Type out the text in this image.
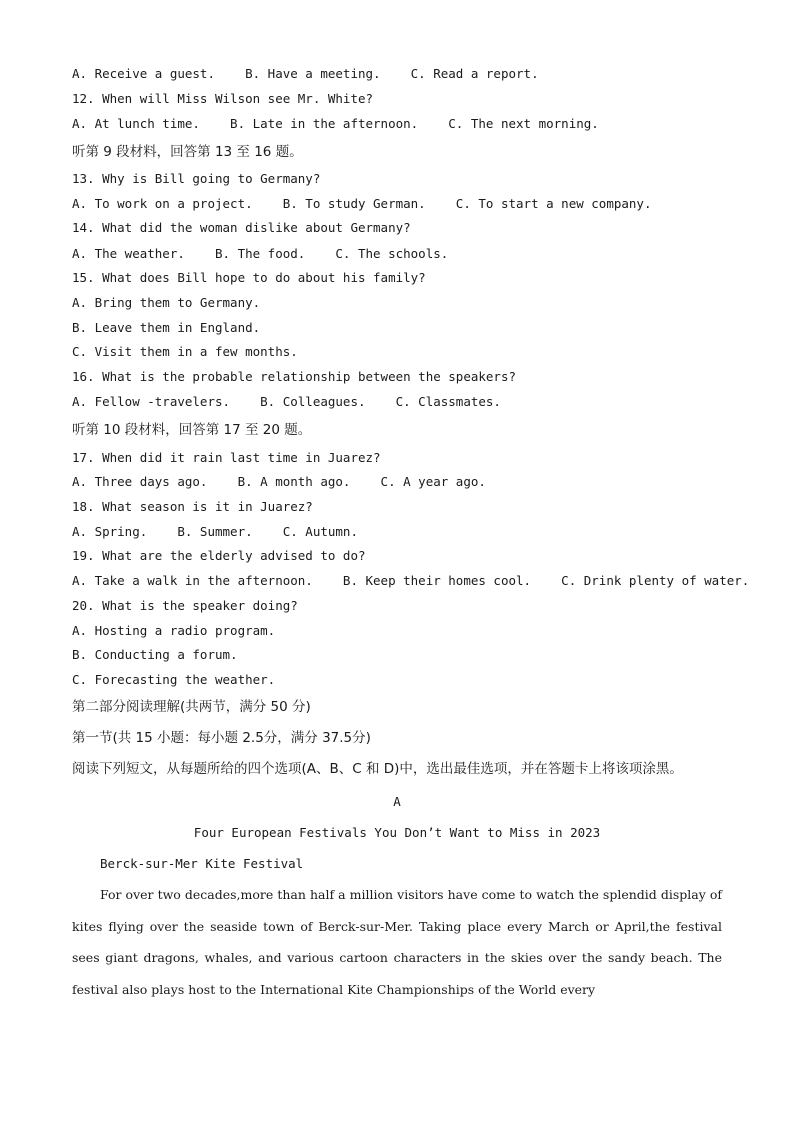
A. Receive a guest.    B. Have a meeting.    C. Read a report.
12. When will Miss Wilson see Mr. White?
A. At lunch time.    B. Late in the afternoon.    C. The next morning.
听第 9 段材料，回答第 13 至 16 题。
13. Why is Bill going to Germany?
A. To work on a project.    B. To study German.    C. To start a new company.
14. What did the woman dislike about Germany?
A. The weather.    B. The food.    C. The schools.
15. What does Bill hope to do about his family?
A. Bring them to Germany.
B. Leave them in England.
C. Visit them in a few months.
16. What is the probable relationship between the speakers?
A. Fellow -travelers.    B. Colleagues.    C. Classmates.
听第 10 段材料，回答第 17 至 20 题。
17. When did it rain last time in Juarez?
A. Three days ago.    B. A month ago.    C. A year ago.
18. What season is it in Juarez?
A. Spring.    B. Summer.    C. Autumn.
19. What are the elderly advised to do?
A. Take a walk in the afternoon.    B. Keep their homes cool.    C. Drink plenty of water.
20. What is the speaker doing?
A. Hosting a radio program.
B. Conducting a forum.
C. Forecasting the weather.
第二部分阅读理解(共两节，满分 50 分)
第一节(共 15 小题：每小题 2.5分，满分 37.5分)
阅读下列短文，从每题所给的四个选项(A、B、C 和 D)中，选出最佳选项，并在答题卡上将该项涂黑。
A
Four European Festivals You Don’t Want to Miss in 2023
Berck-sur-Mer Kite Festival
For over two decades,more than half a million visitors have come to watch the splendid display of kites flying over the seaside town of Berck-sur-Mer. Taking place every March or April,the festival sees giant dragons, whales, and various cartoon characters in the skies over the sandy beach. The festival also plays host to the International Kite Championships of the World every
